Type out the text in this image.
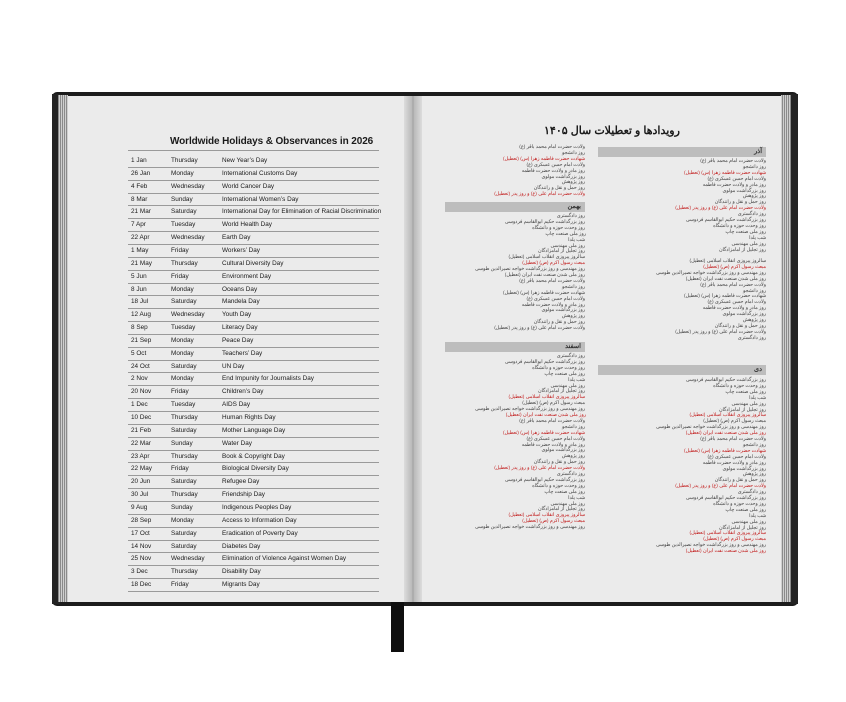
Worldwide Holidays & Observances in 2026
1 Jan	Thursday	New Year’s Day
26 Jan	Monday	International Customs Day
4 Feb	Wednesday	World Cancer Day
8 Mar	Sunday	International Women’s Day
21 Mar	Saturday	International Day for Elimination of Racial Discrimination
7 Apr	Tuesday	World Health Day
22 Apr	Wednesday	Earth Day
1 May	Friday	Workers’ Day
21 May	Thursday	Cultural Diversity Day
5 Jun	Friday	Environment Day
8 Jun	Monday	Oceans Day
18 Jul	Saturday	Mandela Day
12 Aug	Wednesday	Youth Day
8 Sep	Tuesday	Literacy Day
21 Sep	Monday	Peace Day
5 Oct	Monday	Teachers’ Day
24 Oct	Saturday	UN Day
2 Nov	Monday	End Impunity for Journalists Day
20 Nov	Friday	Children’s Day
1 Dec	Tuesday	AIDS Day
10 Dec	Thursday	Human Rights Day
21 Feb	Saturday	Mother Language Day
22 Mar	Sunday	Water Day
23 Apr	Thursday	Book & Copyright Day
22 May	Friday	Biological Diversity Day
20 Jun	Saturday	Refugee Day
30 Jul	Thursday	Friendship Day
9 Aug	Sunday	Indigenous Peoples Day
28 Sep	Monday	Access to Information Day
17 Oct	Saturday	Eradication of Poverty Day
14 Nov	Saturday	Diabetes Day
25 Nov	Wednesday	Elimination of Violence Against Women Day
3 Dec	Thursday	Disability Day
18 Dec	Friday	Migrants Day
رویدادها و تعطیلات سال ۱۴۰۵
آذر
بهمن
اسفند
دی
ولادت حضرت امام محمد باقر (ع)
روز دانشجو
شهادت حضرت فاطمه زهرا (س) (تعطیل)
ولادت امام حسن عسکری (ع)
روز مادر و ولادت حضرت فاطمه
روز بزرگداشت مولوی
روز پژوهش
روز حمل و نقل و رانندگان
ولادت حضرت امام علی (ع) و روز پدر (تعطیل)
روز دادگستری
روز بزرگداشت حکیم ابوالقاسم فردوسی
روز وحدت حوزه و دانشگاه
روز ملی صنعت چاپ
شب یلدا
روز ملی مهندسی
روز تجلیل از امامزادگان
سالروز پیروزی انقلاب اسلامی (تعطیل)
مبعث رسول اکرم (ص) (تعطیل)
روز مهندسی و روز بزرگداشت خواجه نصیرالدین طوسی
روز ملی شدن صنعت نفت ایران (تعطیل)
ولادت حضرت امام محمد باقر (ع)
روز دانشجو
شهادت حضرت فاطمه زهرا (س) (تعطیل)
ولادت امام حسن عسکری (ع)
روز مادر و ولادت حضرت فاطمه
روز بزرگداشت مولوی
روز پژوهش
روز حمل و نقل و رانندگان
ولادت حضرت امام علی (ع) و روز پدر (تعطیل)
روز دادگستری
روز بزرگداشت حکیم ابوالقاسم فردوسی
روز وحدت حوزه و دانشگاه
روز ملی صنعت چاپ
شب یلدا
روز ملی مهندسی
روز تجلیل از امامزادگان
سالروز پیروزی انقلاب اسلامی (تعطیل)
مبعث رسول اکرم (ص) (تعطیل)
روز مهندسی و روز بزرگداشت خواجه نصیرالدین طوسی
روز ملی شدن صنعت نفت ایران (تعطیل)
ولادت حضرت امام محمد باقر (ع)
روز دانشجو
شهادت حضرت فاطمه زهرا (س) (تعطیل)
ولادت امام حسن عسکری (ع)
روز مادر و ولادت حضرت فاطمه
روز بزرگداشت مولوی
روز پژوهش
روز حمل و نقل و رانندگان
ولادت حضرت امام علی (ع) و روز پدر (تعطیل)
روز دادگستری
روز بزرگداشت حکیم ابوالقاسم فردوسی
روز وحدت حوزه و دانشگاه
روز ملی صنعت چاپ
شب یلدا
روز ملی مهندسی
روز تجلیل از امامزادگان
سالروز پیروزی انقلاب اسلامی (تعطیل)
مبعث رسول اکرم (ص) (تعطیل)
روز مهندسی و روز بزرگداشت خواجه نصیرالدین طوسی
روز ملی شدن صنعت نفت ایران (تعطیل)
ولادت حضرت امام محمد باقر (ع)
روز دانشجو
شهادت حضرت فاطمه زهرا (س) (تعطیل)
ولادت امام حسن عسکری (ع)
روز مادر و ولادت حضرت فاطمه
روز بزرگداشت مولوی
روز پژوهش
روز حمل و نقل و رانندگان
ولادت حضرت امام علی (ع) و روز پدر (تعطیل)
روز دادگستری
روز بزرگداشت حکیم ابوالقاسم فردوسی
روز وحدت حوزه و دانشگاه
روز ملی صنعت چاپ
شب یلدا
روز ملی مهندسی
روز تجلیل از امامزادگان
سالروز پیروزی انقلاب اسلامی (تعطیل)
مبعث رسول اکرم (ص) (تعطیل)
روز مهندسی و روز بزرگداشت خواجه نصیرالدین طوسی
روز ملی شدن صنعت نفت ایران (تعطیل)
ولادت حضرت امام محمد باقر (ع)
روز دانشجو
شهادت حضرت فاطمه زهرا (س) (تعطیل)
ولادت امام حسن عسکری (ع)
روز مادر و ولادت حضرت فاطمه
روز بزرگداشت مولوی
روز پژوهش
روز حمل و نقل و رانندگان
ولادت حضرت امام علی (ع) و روز پدر (تعطیل)
روز دادگستری
روز بزرگداشت حکیم ابوالقاسم فردوسی
روز وحدت حوزه و دانشگاه
روز ملی صنعت چاپ
شب یلدا
روز ملی مهندسی
روز تجلیل از امامزادگان
سالروز پیروزی انقلاب اسلامی (تعطیل)
مبعث رسول اکرم (ص) (تعطیل)
روز مهندسی و روز بزرگداشت خواجه نصیرالدین طوسی
روز ملی شدن صنعت نفت ایران (تعطیل)
ولادت حضرت امام محمد باقر (ع)
روز دانشجو
شهادت حضرت فاطمه زهرا (س) (تعطیل)
ولادت امام حسن عسکری (ع)
روز مادر و ولادت حضرت فاطمه
روز بزرگداشت مولوی
روز پژوهش
روز حمل و نقل و رانندگان
ولادت حضرت امام علی (ع) و روز پدر (تعطیل)
روز دادگستری
روز بزرگداشت حکیم ابوالقاسم فردوسی
روز وحدت حوزه و دانشگاه
روز ملی صنعت چاپ
شب یلدا
روز ملی مهندسی
روز تجلیل از امامزادگان
سالروز پیروزی انقلاب اسلامی (تعطیل)
مبعث رسول اکرم (ص) (تعطیل)
روز مهندسی و روز بزرگداشت خواجه نصیرالدین طوسی
